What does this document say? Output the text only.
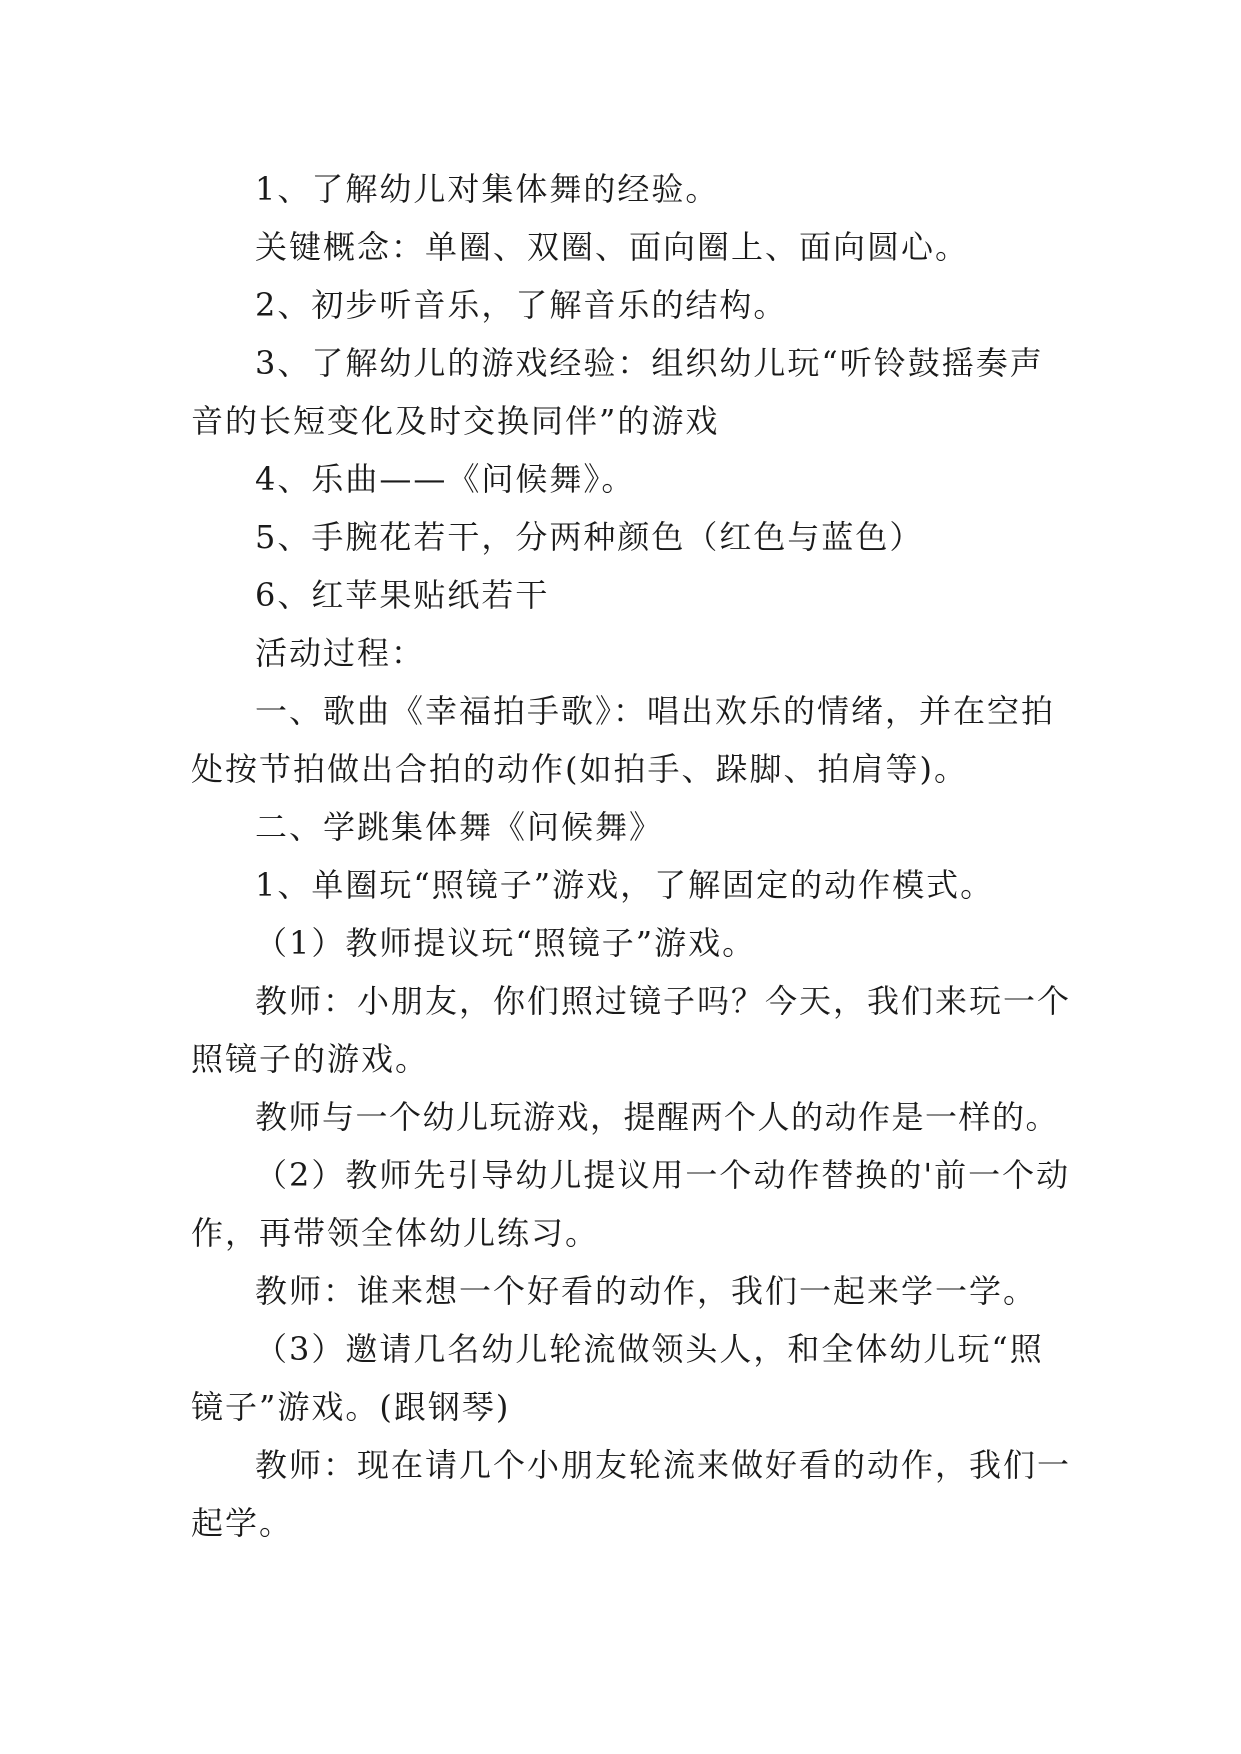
1、了解幼儿对集体舞的经验。

关键概念：单圈、双圈、面向圈上、面向圆心。

2、初步听音乐，了解音乐的结构。

3、了解幼儿的游戏经验：组织幼儿玩“听铃鼓摇奏声音的长短变化及时交换同伴”的游戏

4、乐曲——《问候舞》。

5、手腕花若干，分两种颜色（红色与蓝色）

6、红苹果贴纸若干

活动过程：

一、歌曲《幸福拍手歌》：唱出欢乐的情绪，并在空拍处按节拍做出合拍的动作(如拍手、跺脚、拍肩等)。

二、学跳集体舞《问候舞》

1、单圈玩“照镜子”游戏，了解固定的动作模式。

（1）教师提议玩“照镜子”游戏。

教师：小朋友，你们照过镜子吗？今天，我们来玩一个照镜子的游戏。

教师与一个幼儿玩游戏，提醒两个人的动作是一样的。

（2）教师先引导幼儿提议用一个动作替换的'前一个动作，再带领全体幼儿练习。

教师：谁来想一个好看的动作，我们一起来学一学。

（3）邀请几名幼儿轮流做领头人，和全体幼儿玩“照镜子”游戏。(跟钢琴)

教师：现在请几个小朋友轮流来做好看的动作，我们一起学。
